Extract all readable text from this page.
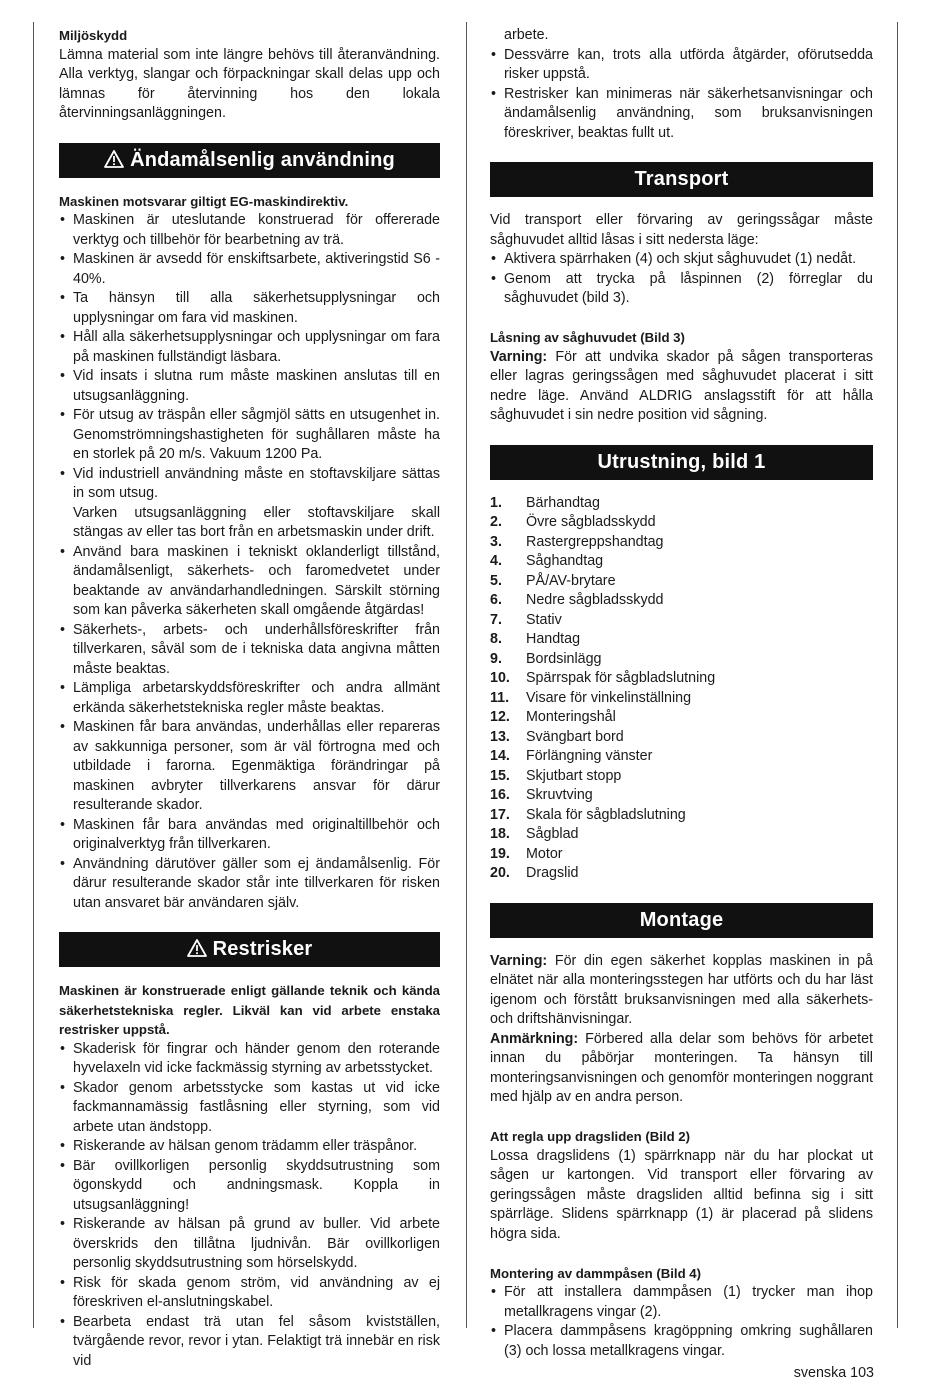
Miljöskydd

Lämna material som inte längre behövs till återanvändning. Alla verktyg, slangar och förpackningar skall delas upp och lämnas för återvinning hos den lokala återvinningsanläggningen.

Ändamålsenlig användning
Maskinen motsvarar giltigt EG-maskindirektiv.
• Maskinen är uteslutande konstruerad för offererade verktyg och tillbehör för bearbetning av trä.
• Maskinen är avsedd för enskiftsarbete, aktiveringstid S6 - 40%.
• Ta hänsyn till alla säkerhetsupplysningar och upplysningar om fara vid maskinen.
• Håll alla säkerhetsupplysningar och upplysningar om fara på maskinen fullständigt läsbara.
• Vid insats i slutna rum måste maskinen anslutas till en utsugsanläggning.
• För utsug av träspån eller sågmjöl sätts en utsugenhet in. Genomströmningshastigheten för sughållaren måste ha en storlek på 20 m/s. Vakuum 1200 Pa.
• Vid industriell användning måste en stoftavskiljare sättas in som utsug.
Varken utsugsanläggning eller stoftavskiljare skall stängas av eller tas bort från en arbetsmaskin under drift.
• Använd bara maskinen i tekniskt oklanderligt tillstånd, ändamålsenligt, säkerhets- och faromedvetet under beaktande av användarhandledningen. Särskilt störning som kan påverka säkerheten skall omgående åtgärdas!
• Säkerhets-, arbets- och underhållsföreskrifter från tillverkaren, såväl som de i tekniska data angivna måtten måste beaktas.
• Lämpliga arbetarskyddsföreskrifter och andra allmänt erkända säkerhetstekniska regler måste beaktas.
• Maskinen får bara användas, underhållas eller repareras av sakkunniga personer, som är väl förtrogna med och utbildade i farorna. Egenmäktiga förändringar på maskinen avbryter tillverkarens ansvar för därur resulterande skador.
• Maskinen får bara användas med originaltillbehör och originalverktyg från tillverkaren.
• Användning därutöver gäller som ej ändamålsenlig. För därur resulterande skador står inte tillverkaren för risken utan ansvaret bär användaren själv.
Restrisker
Maskinen är konstruerade enligt gällande teknik och kända säkerhetstekniska regler. Likväl kan vid arbete enstaka restrisker uppstå.
• Skaderisk för fingrar och händer genom den roterande hyvelaxeln vid icke fackmässig styrning av arbetsstycket.
• Skador genom arbetsstycke som kastas ut vid icke fackmannamässig fastlåsning eller styrning, som vid arbete utan ändstopp.
• Riskerande av hälsan genom trädamm eller träspånor.
• Bär ovillkorligen personlig skyddsutrustning som ögonskydd och andningsmask. Koppla in utsugsanläggning!
• Riskerande av hälsan på grund av buller. Vid arbete överskrids den tillåtna ljudnivån. Bär ovillkorligen personlig skyddsutrustning som hörselskydd.
• Risk för skada genom ström, vid användning av ej föreskriven el-anslutningskabel.
• Bearbeta endast trä utan fel såsom kvistställen, tvärgående revor, revor i ytan. Felaktigt trä innebär en risk vid
arbete.
• Dessvärre kan, trots alla utförda åtgärder, oförutsedda risker uppstå.
• Restrisker kan minimeras när säkerhetsanvisningar och ändamålsenlig användning, som bruksanvisningen föreskriver, beaktas fullt ut.
Transport

Vid transport eller förvaring av geringssågar måste såghuvudet alltid låsas i sitt nedersta läge:

• Aktivera spärrhaken (4) och skjut såghuvudet (1) nedåt.
• Genom att trycka på låspinnen (2) förreglar du såghuvudet (bild 3).
Låsning av såghuvudet (Bild 3)

Varning: För att undvika skador på sågen transporteras eller lagras geringssågen med såghuvudet placerat i sitt nedre läge. Använd ALDRIG anslagsstift för att hålla såghuvudet i sin nedre position vid sågning.

Utrustning, bild 1
1.	Bärhandtag
2.	Övre sågbladsskydd
3.	Rastergreppshandtag
4.	Såghandtag
5.	PÅ/AV-brytare
6.	Nedre sågbladsskydd
7.	Stativ
8.	Handtag
9.	Bordsinlägg
10.	Spärrspak för sågbladslutning
11.	Visare för vinkelinställning
12.	Monteringshål
13.	Svängbart bord
14.	Förlängning vänster
15.	Skjutbart stopp
16.	Skruvtving
17.	Skala för sågbladslutning
18.	Sågblad
19.	Motor
20.	Dragslid
Montage

Varning: För din egen säkerhet kopplas maskinen in på elnätet när alla monteringsstegen har utförts och du har läst igenom och förstått bruksanvisningen med alla säkerhets- och driftshänvisningar.

Anmärkning: Förbered alla delar som behövs för arbetet innan du påbörjar monteringen. Ta hänsyn till monteringsanvisningen och genomför monteringen noggrant med hjälp av en andra person.

Att regla upp dragsliden (Bild 2)

Lossa dragslidens (1) spärrknapp när du har plockat ut sågen ur kartongen. Vid transport eller förvaring av geringssågen måste dragsliden alltid befinna sig i sitt spärrläge. Slidens spärrknapp (1) är placerad på slidens högra sida.

Montering av dammpåsen (Bild 4)
• För att installera dammpåsen (1) trycker man ihop metallkragens vingar (2).
• Placera dammpåsens kragöppning omkring sughållaren (3) och lossa metallkragens vingar.
svenska 103
